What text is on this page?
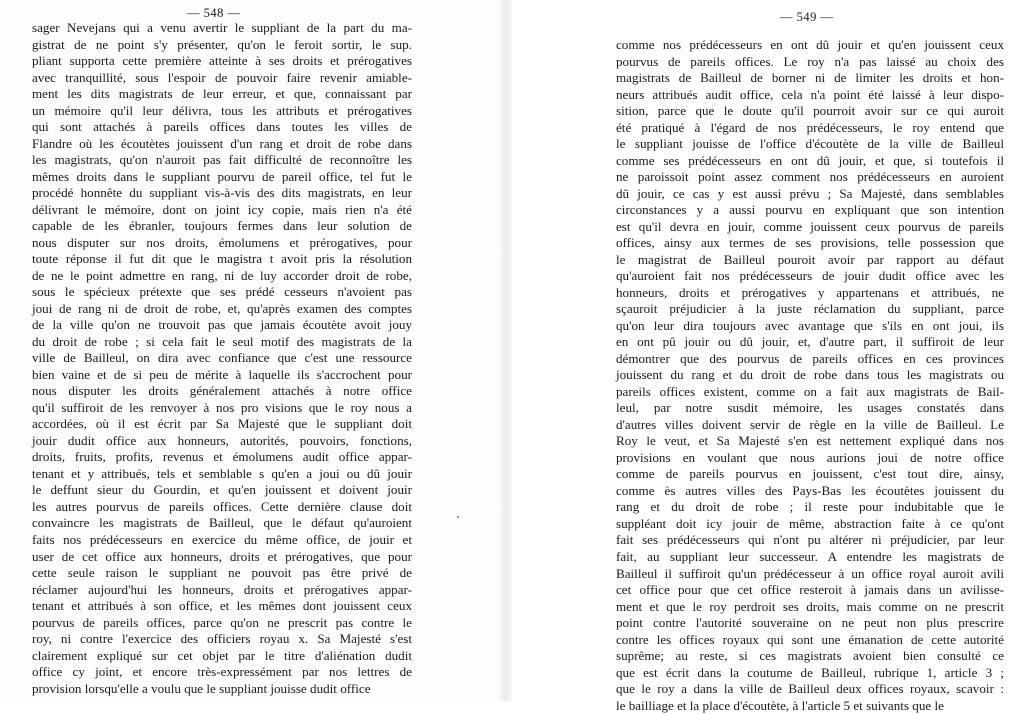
— 548 —
sager Nevejans qui a venu avertir le suppliant de la part du ma-
gistrat de ne point s'y présenter, qu'on le feroit sortir, le sup.
pliant supporta cette première atteinte à ses droits et prérogatives
avec tranquillité, sous l'espoir de pouvoir faire revenir amiable-
ment les dits magistrats de leur erreur, et que, connaissant par
un mémoire qu'il leur délivra, tous les attributs et prérogatives
qui sont attachés à pareils offices dans toutes les villes de
Flandre où les écoutètes jouissent d'un rang et droit de robe dans
les magistrats, qu'on n'auroit pas fait difficulté de reconnoître les
mêmes droits dans le suppliant pourvu de pareil office, tel fut le
procédé honnête du suppliant vis-à-vis des dits magistrats, en leur
délivrant le mémoire, dont on joint icy copie, mais rien n'a été
capable de les ébranler, toujours fermes dans leur solution de
nous disputer sur nos droits, émolumens et prérogatives, pour
toute réponse il fut dit que le magistra t avoit pris la résolution
de ne le point admettre en rang, ni de luy accorder droit de robe,
sous le spécieux prétexte que ses prédé cesseurs n'avoient pas
joui de rang ni de droit de robe, et, qu'après examen des comptes
de la ville qu'on ne trouvoit pas que jamais écoutète avoit jouy
du droit de robe ; si cela fait le seul motif des magistrats de la
ville de Bailleul, on dira avec confiance que c'est une ressource
bien vaine et de si peu de mérite à laquelle ils s'accrochent pour
nous disputer les droits généralement attachés à notre office
qu'il suffiroit de les renvoyer à nos pro visions que le roy nous a
accordées, où il est écrit par Sa Majesté que le suppliant doit
jouir dudit office aux honneurs, autorités, pouvoirs, fonctions,
droits, fruits, profits, revenus et émolumens audit office appar-
tenant et y attribués, tels et semblable s qu'en a joui ou dû jouir
le deffunt sieur du Gourdin, et qu'en jouissent et doivent jouir
les autres pourvus de pareils offices. Cette dernière clause doit
convaincre les magistrats de Bailleul, que le défaut qu'auroient
faits nos prédécesseurs en exercice du même office, de jouir et
user de cet office aux honneurs, droits et prérogatives, que pour
cette seule raison le suppliant ne pouvoit pas être privé de
réclamer aujourd'hui les honneurs, droits et prérogatives appar-
tenant et attribués à son office, et les mêmes dont jouissent ceux
pourvus de pareils offices, parce qu'on ne prescrit pas contre le
roy, ni contre l'exercice des officiers royau x. Sa Majesté s'est
clairement expliqué sur cet objet par le titre d'aliénation dudit
office cy joint, et encore très-expressément par nos lettres de
provision lorsqu'elle a voulu que le suppliant jouisse dudit office
— 549 —
comme nos prédécesseurs en ont dû jouir et qu'en jouissent ceux
pourvus de pareils offices. Le roy n'a pas laissé au choix des
magistrats de Bailleul de borner ni de limiter les droits et hon-
neurs attribués audit office, cela n'a point été laissé à leur dispo-
sition, parce que le doute qu'il pourroit avoir sur ce qui auroit
été pratiqué à l'égard de nos prédécesseurs, le roy entend que
le suppliant jouisse de l'office d'écoutète de la ville de Bailleul
comme ses prédécesseurs en ont dû jouir, et que, si toutefois il
ne paroissoit point assez comment nos prédécesseurs en auroient
dû jouir, ce cas y est aussi prévu ; Sa Majesté, dans semblables
circonstances y a aussi pourvu en expliquant que son intention
est qu'il devra en jouir, comme jouissent ceux pourvus de pareils
offices, ainsy aux termes de ses provisions, telle possession que
le magistrat de Bailleul pouroit avoir par rapport au défaut
qu'auroient fait nos prédécesseurs de jouir dudit office avec les
honneurs, droits et prérogatives y appartenans et attribués, ne
sçauroit préjudicier à la juste réclamation du suppliant, parce
qu'on leur dira toujours avec avantage que s'ils en ont joui, ils
en ont pû jouir ou dû jouir, et, d'autre part, il suffiroit de leur
démontrer que des pourvus de pareils offices en ces provinces
jouissent du rang et du droit de robe dans tous les magistrats ou
pareils offices existent, comme on a fait aux magistrats de Bail-
leul, par notre susdit mémoire, les usages constatés dans
d'autres villes doivent servir de règle en la ville de Bailleul. Le
Roy le veut, et Sa Majesté s'en est nettement expliqué dans nos
provisions en voulant que nous aurions joui de notre office
comme de pareils pourvus en jouissent, c'est tout dire, ainsy,
comme ès autres villes des Pays-Bas les écoutètes jouissent du
rang et du droit de robe ; il reste pour indubitable que le
suppléant doit icy jouir de même, abstraction faite à ce qu'ont
fait ses prédécesseurs qui n'ont pu altérer ni préjudicier, par leur
fait, au suppliant leur successeur. A entendre les magistrats de
Bailleul il suffiroit qu'un prédécesseur à un office royal auroit avili
cet office pour que cet office resteroit à jamais dans un avilisse-
ment et que le roy perdroit ses droits, mais comme on ne prescrit
point contre l'autorité souveraine on ne peut non plus prescrire
contre les offices royaux qui sont une émanation de cette autorité
suprême; au reste, si ces magistrats avoient bien consulté ce
que est écrit dans la coutume de Bailleul, rubrique 1, article 3 ;
que le roy a dans la ville de Bailleul deux offices royaux, scavoir :
le bailliage et la place d'écoutète, à l'article 5 et suivants que le
